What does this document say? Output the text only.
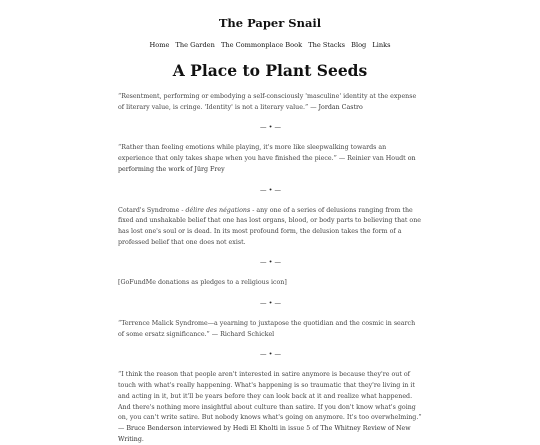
The Paper Snail
Home The Garden The Commonplace Book The Stacks Blog Links
A Place to Plant Seeds

“Resentment, performing or embodying a self-consciously 'masculine' identity at the expense of literary value, is cringe. 'Identity' is not a literary value.” — Jordan Castro

— • —

“Rather than feeling emotions while playing, it's more like sleepwalking towards an experience that only takes shape when you have finished the piece.” — Reinier van Houdt on performing the work of Jürg Frey

— • —

Cotard's Syndrome - délire des négations - any one of a series of delusions ranging from the fixed and unshakable belief that one has lost organs, blood, or body parts to believing that one has lost one's soul or is dead. In its most profound form, the delusion takes the form of a professed belief that one does not exist.

— • —

[GoFundMe donations as pledges to a religious icon]

— • —

“Terrence Malick Syndrome—a yearning to juxtapose the quotidian and the cosmic in search of some ersatz significance.” — Richard Schickel

— • —

“I think the reason that people aren't interested in satire anymore is because they're out of touch with what's really happening. What's happening is so traumatic that they're living in it and acting in it, but it'll be years before they can look back at it and realize what happened. And there's nothing more insightful about culture than satire. If you don't know what's going on, you can't write satire. But nobody knows what's going on anymore. It's too overwhelming.” — Bruce Benderson interviewed by Hedi El Kholti in issue 5 of The Whitney Review of New Writing.
